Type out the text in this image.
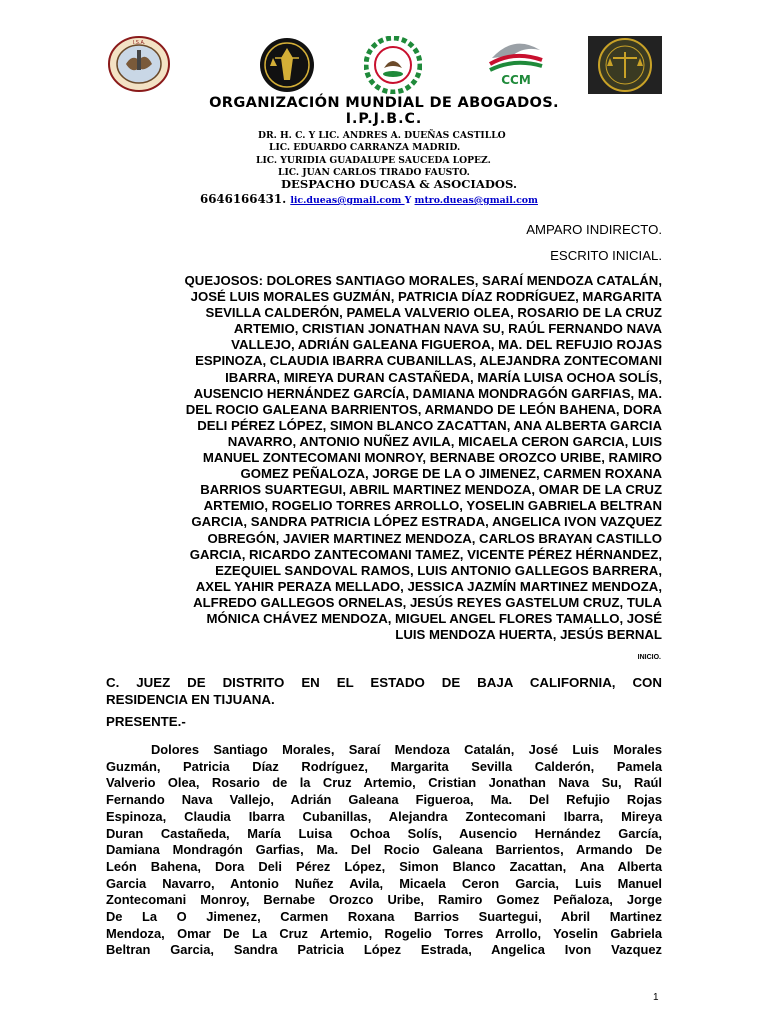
I.S.A.
CCM
ORGANIZACIÓN MUNDIAL DE ABOGADOS.
I.P.J.B.C.
DR. H. C. Y LIC. ANDRES A. DUEÑAS CASTILLO
LIC. EDUARDO CARRANZA MADRID.
LIC. YURIDIA GUADALUPE SAUCEDA LOPEZ.
LIC. JUAN CARLOS TIRADO FAUSTO.
DESPACHO DUCASA & ASOCIADOS.
6646166431. lic.dueas@gmail.com Y mtro.dueas@gmail.com
AMPARO INDIRECTO.
ESCRITO INICIAL.
QUEJOSOS: DOLORES SANTIAGO MORALES, SARAÍ MENDOZA CATALÁN,
JOSÉ LUIS MORALES GUZMÁN, PATRICIA DÍAZ RODRÍGUEZ, MARGARITA
SEVILLA CALDERÓN, PAMELA VALVERIO OLEA, ROSARIO DE LA CRUZ
ARTEMIO, CRISTIAN JONATHAN NAVA SU, RAÚL FERNANDO NAVA
VALLEJO, ADRIÁN GALEANA FIGUEROA, MA. DEL REFUJIO ROJAS
ESPINOZA, CLAUDIA IBARRA CUBANILLAS, ALEJANDRA ZONTECOMANI
IBARRA, MIREYA DURAN CASTAÑEDA, MARÍA LUISA OCHOA SOLÍS,
AUSENCIO HERNÁNDEZ GARCÍA, DAMIANA MONDRAGÓN GARFIAS, MA.
DEL ROCIO GALEANA BARRIENTOS, ARMANDO DE LEÓN BAHENA, DORA
DELI PÉREZ LÓPEZ, SIMON BLANCO ZACATTAN, ANA ALBERTA GARCIA
NAVARRO, ANTONIO NUÑEZ AVILA, MICAELA CERON GARCIA, LUIS
MANUEL ZONTECOMANI MONROY, BERNABE OROZCO URIBE, RAMIRO
GOMEZ PEÑALOZA, JORGE DE LA O JIMENEZ, CARMEN ROXANA
BARRIOS SUARTEGUI, ABRIL MARTINEZ MENDOZA, OMAR DE LA CRUZ
ARTEMIO, ROGELIO TORRES ARROLLO, YOSELIN GABRIELA BELTRAN
GARCIA, SANDRA PATRICIA LÓPEZ ESTRADA, ANGELICA IVON VAZQUEZ
OBREGÓN, JAVIER MARTINEZ MENDOZA, CARLOS BRAYAN CASTILLO
GARCIA, RICARDO ZANTECOMANI TAMEZ, VICENTE PÉREZ HÉRNANDEZ,
EZEQUIEL SANDOVAL RAMOS, LUIS ANTONIO GALLEGOS BARRERA,
AXEL YAHIR PERAZA MELLADO, JESSICA JAZMÍN MARTINEZ MENDOZA,
ALFREDO GALLEGOS ORNELAS, JESÚS REYES GASTELUM CRUZ, TULA
MÓNICA CHÁVEZ MENDOZA, MIGUEL ANGEL FLORES TAMALLO, JOSÉ
LUIS MENDOZA HUERTA, JESÚS BERNAL
INICIO.
C. JUEZ DE DISTRITO EN EL ESTADO DE BAJA CALIFORNIA, CON
RESIDENCIA EN TIJUANA.
PRESENTE.-
Dolores Santiago Morales, Saraí Mendoza Catalán, José Luis Morales
Guzmán, Patricia Díaz Rodríguez, Margarita Sevilla Calderón, Pamela
Valverio Olea, Rosario de la Cruz Artemio, Cristian Jonathan Nava Su, Raúl
Fernando Nava Vallejo, Adrián Galeana Figueroa, Ma. Del Refujio Rojas
Espinoza, Claudia Ibarra Cubanillas, Alejandra Zontecomani Ibarra, Mireya
Duran Castañeda, María Luisa Ochoa Solís, Ausencio Hernández García,
Damiana Mondragón Garfias, Ma. Del Rocio Galeana Barrientos, Armando De
León Bahena, Dora Deli Pérez López, Simon Blanco Zacattan, Ana Alberta
Garcia Navarro, Antonio Nuñez Avila, Micaela Ceron Garcia, Luis Manuel
Zontecomani Monroy, Bernabe Orozco Uribe, Ramiro Gomez Peñaloza, Jorge
De La O Jimenez, Carmen Roxana Barrios Suartegui, Abril Martinez
Mendoza, Omar De La Cruz Artemio, Rogelio Torres Arrollo, Yoselin Gabriela
Beltran Garcia, Sandra Patricia López Estrada, Angelica Ivon Vazquez
1
